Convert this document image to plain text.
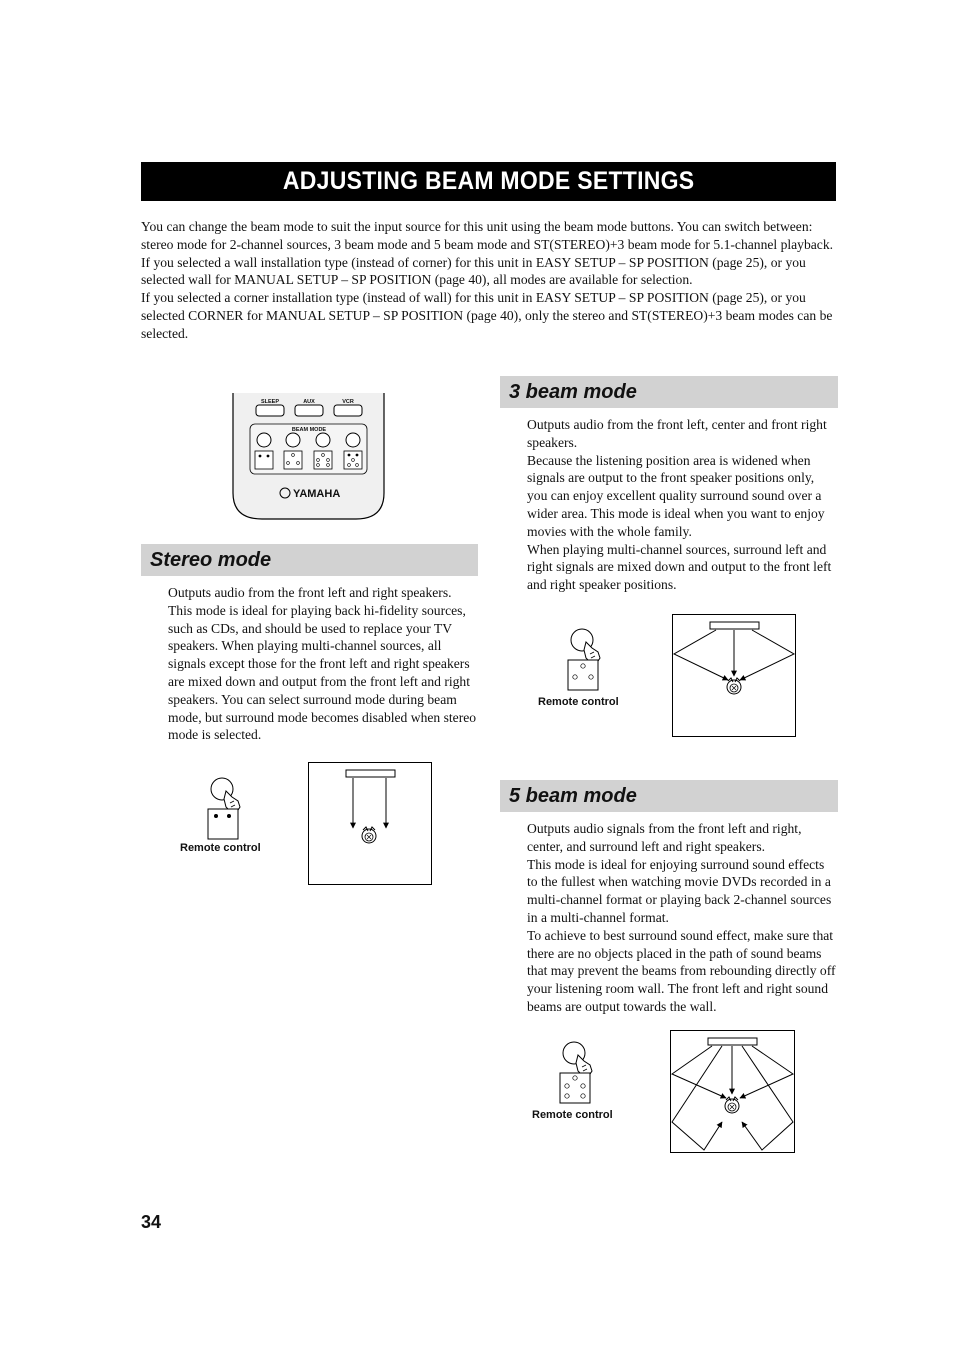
ADJUSTING BEAM MODE SETTINGS

You can change the beam mode to suit the input source for this unit using the beam mode buttons. You can switch between: stereo mode for 2-channel sources, 3 beam mode and 5 beam mode and ST(STEREO)+3 beam mode for 5.1-channel playback.

If you selected a wall installation type (instead of corner) for this unit in EASY SETUP – SP POSITION (page 25), or you selected wall for MANUAL SETUP – SP POSITION (page 40), all modes are available for selection.

If you selected a corner installation type (instead of wall) for this unit in EASY SETUP – SP POSITION (page 25), or you selected CORNER for MANUAL SETUP – SP POSITION (page 40), only the stereo and ST(STEREO)+3 beam modes can be selected.

SLEEP	AUX	VCR
BEAM MODE
YAMAHA
Stereo mode

Outputs audio from the front left and right speakers. This mode is ideal for playing back hi-fidelity sources, such as CDs, and should be used to replace your TV speakers. When playing multi-channel sources, all signals except those for the front left and right speakers are mixed down and output from the front left and right speakers. You can select surround mode during beam mode, but surround mode becomes disabled when stereo mode is selected.

Remote control
3 beam mode

Outputs audio from the front left, center and front right speakers.

Because the listening position area is widened when signals are output to the front speaker positions only, you can enjoy excellent quality surround sound over a wider area. This mode is ideal when you want to enjoy movies with the whole family.

When playing multi-channel sources, surround left and right signals are mixed down and output to the front left and right speaker positions.

Remote control
5 beam mode

Outputs audio signals from the front left and right, center, and surround left and right speakers.

This mode is ideal for enjoying surround sound effects to the fullest when watching movie DVDs recorded in a multi-channel format or playing back 2-channel sources in a multi-channel format.

To achieve to best surround sound effect, make sure that there are no objects placed in the path of sound beams that may prevent the beams from rebounding directly off your listening room wall. The front left and right sound beams are output towards the wall.

Remote control
34
